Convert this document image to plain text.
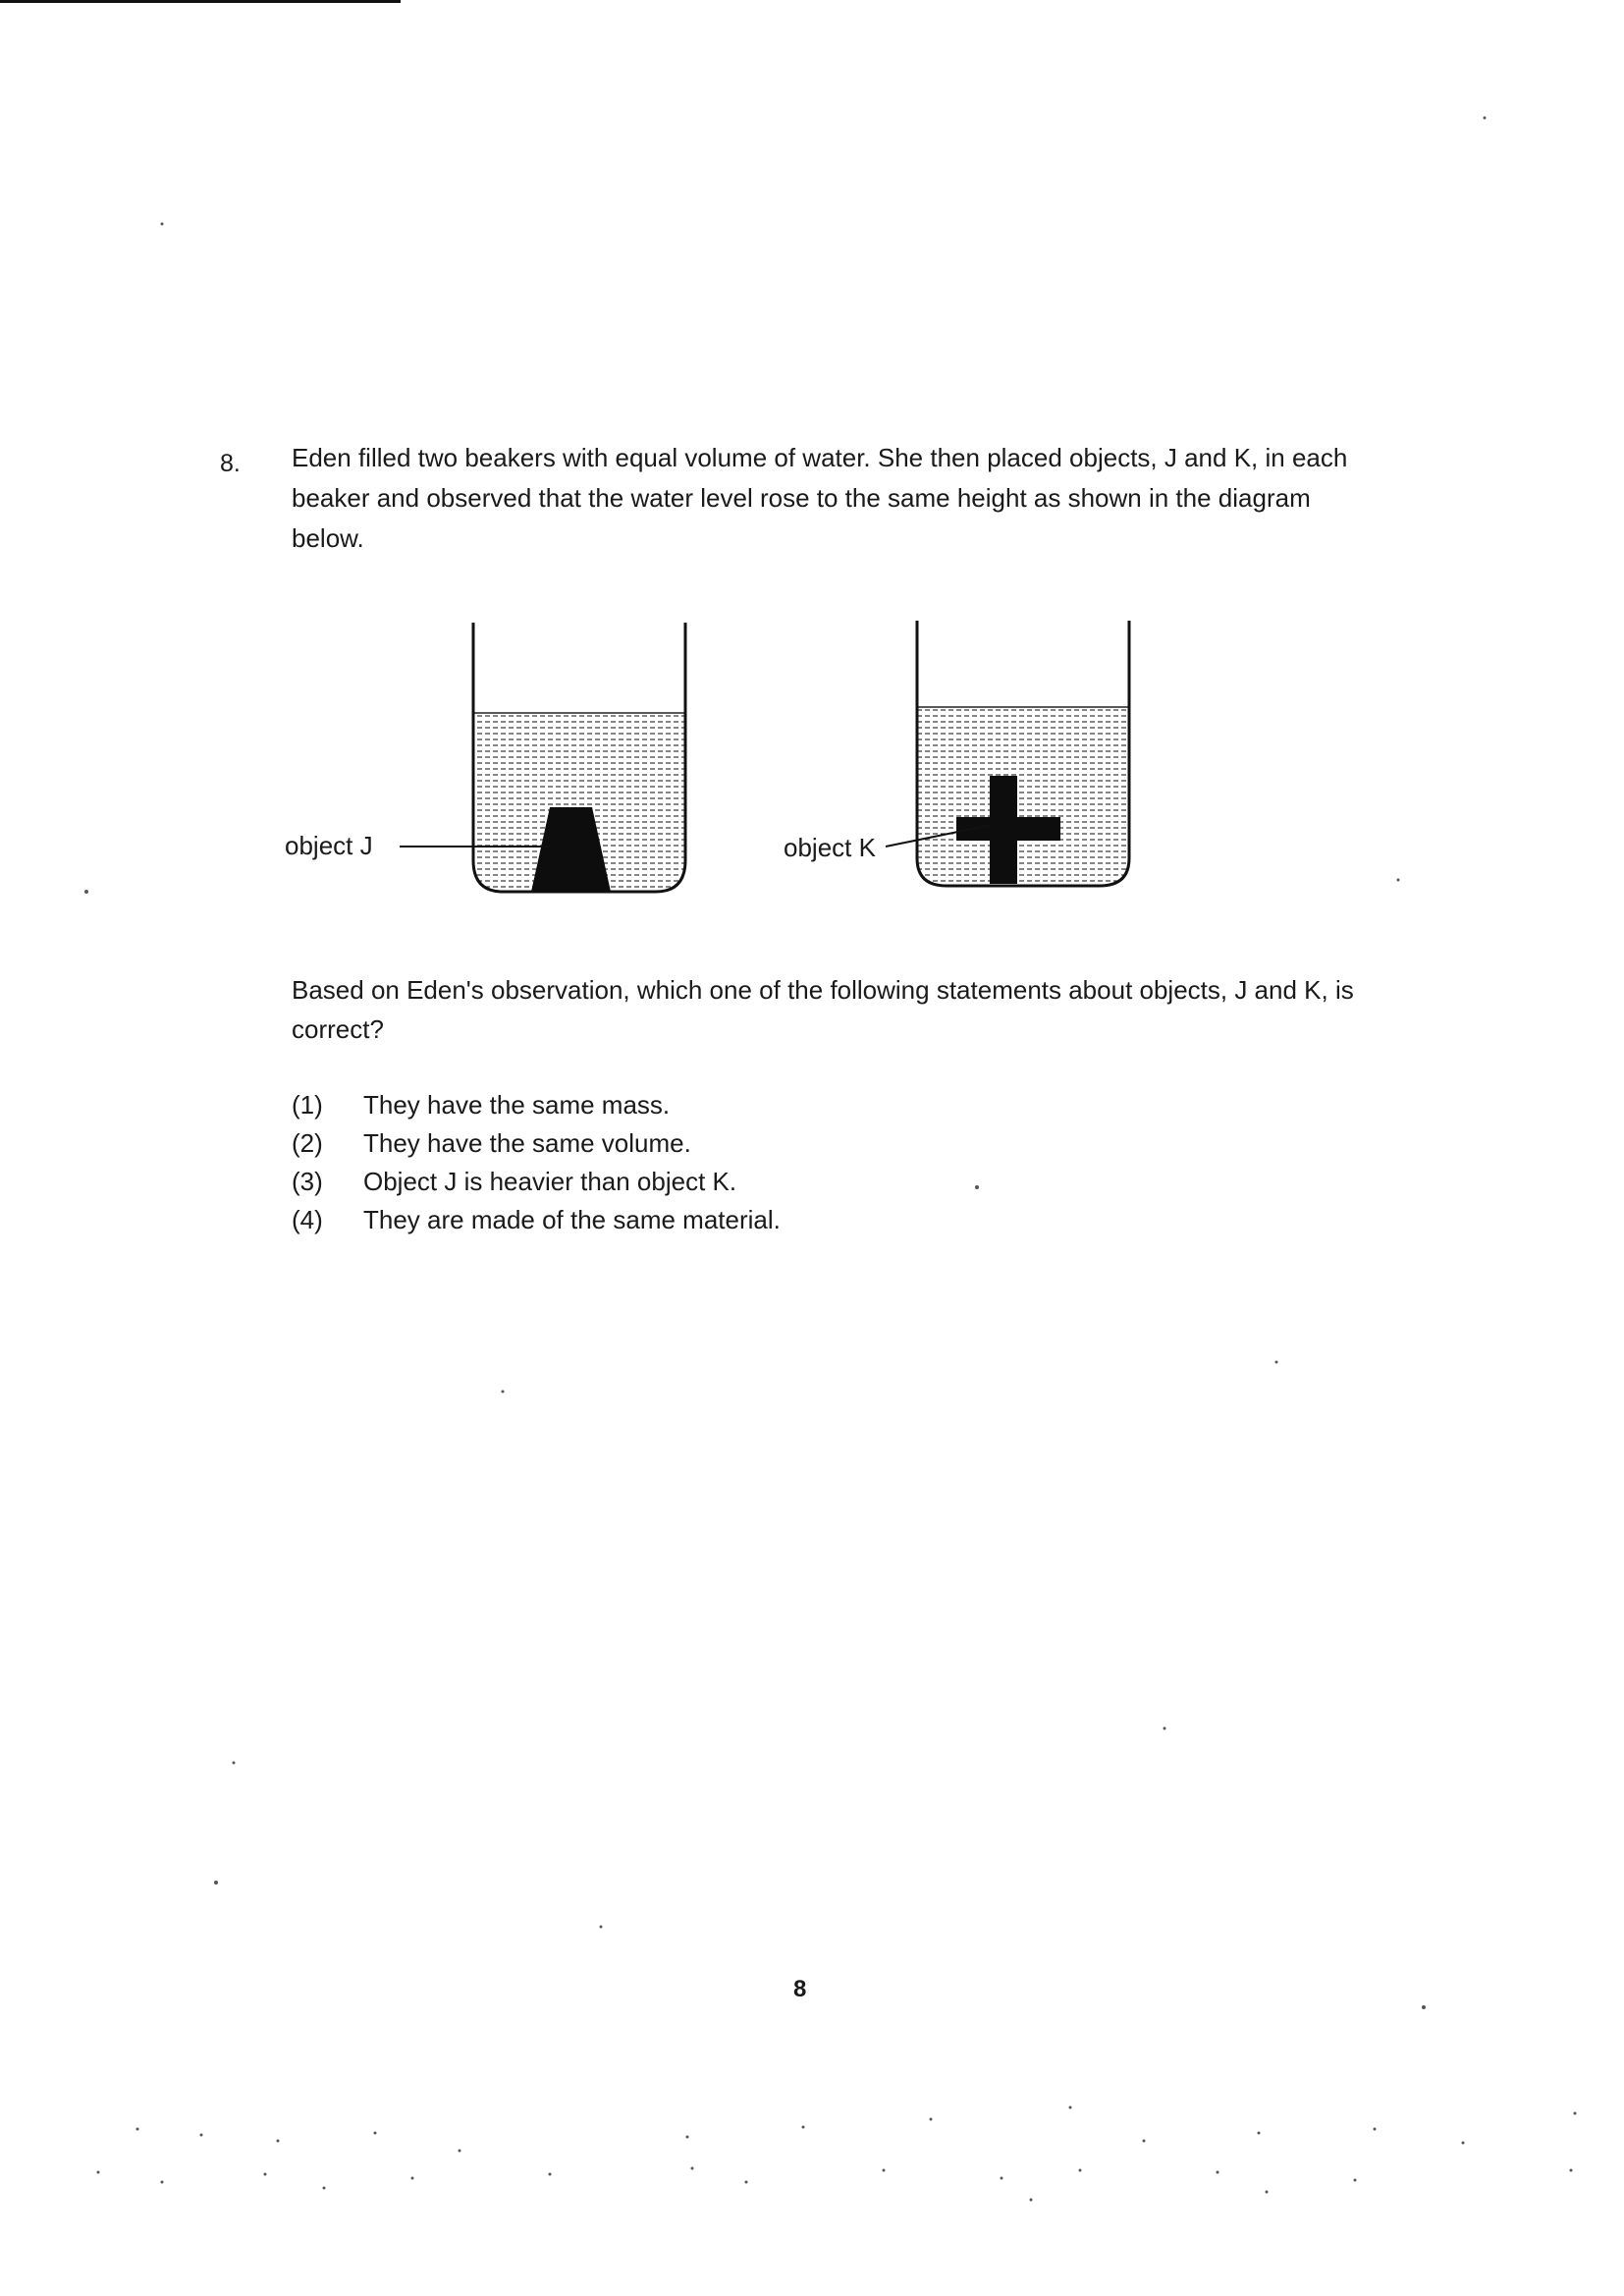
8. Eden filled two beakers with equal volume of water. She then placed objects, J and K, in each beaker and observed that the water level rose to the same height as shown in the diagram below.
object J	object K
Based on Eden's observation, which one of the following statements about objects, J and K, is correct?
(1)	They have the same mass.
(2)	They have the same volume.
(3)	Object J is heavier than object K.
(4)	They are made of the same material.
8
